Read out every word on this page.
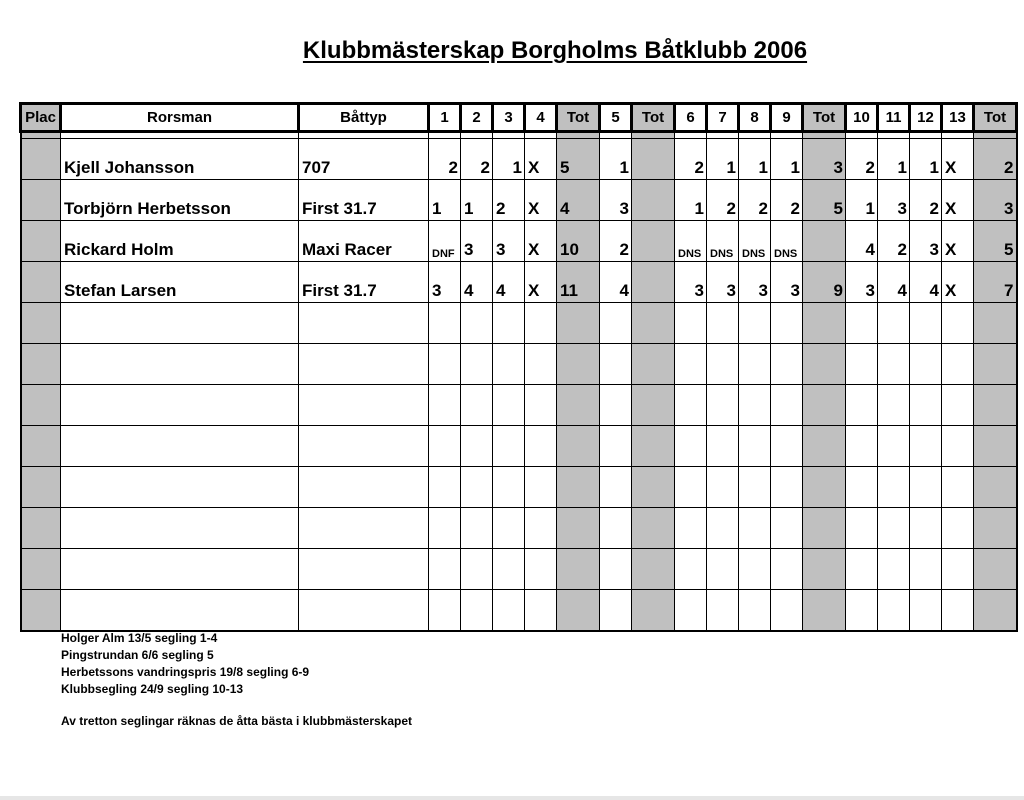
Klubbmästerskap Borgholms Båtklubb 2006
Plac	Rorsman	Båttyp	1	2	3	4	Tot	5	Tot	6	7	8	9	Tot	10	11	12	13	Tot

	Kjell Johansson	707	2	2	1	X	5	1		2	1	1	1	3	2	1	1	X	2
	Torbjörn Herbetsson	First 31.7	1	1	2	X	4	3		1	2	2	2	5	1	3	2	X	3
	Rickard Holm	Maxi Racer	DNF	3	3	X	10	2		DNS	DNS	DNS	DNS		4	2	3	X	5
	Stefan Larsen	First 31.7	3	4	4	X	11	4		3	3	3	3	9	3	4	4	X	7

Holger Alm 13/5 segling 1-4
Pingstrundan 6/6 segling 5
Herbetssons vandringspris 19/8 segling 6-9
Klubbsegling 24/9 segling 10-13
Av tretton seglingar räknas de åtta bästa i klubbmästerskapet
